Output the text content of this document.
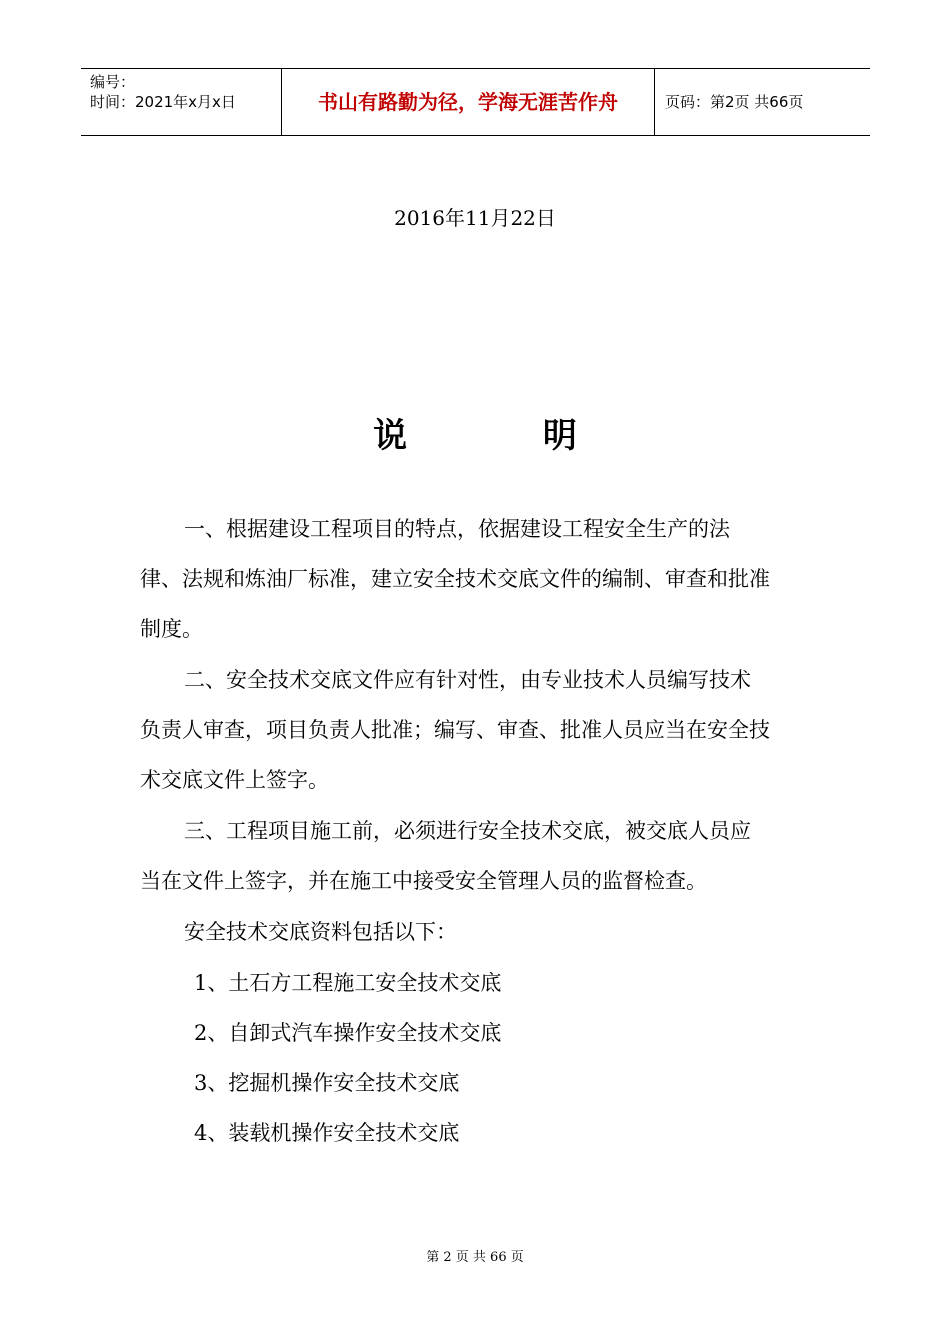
编号：
时间：2021年x月x日	书山有路勤为径，学海无涯苦作舟	页码：第2页 共66页
2016年11月22日
说 明

一、根据建设工程项目的特点，依据建设工程安全生产的法律、法规和炼油厂标准，建立安全技术交底文件的编制、审查和批准制度。

二、安全技术交底文件应有针对性，由专业技术人员编写技术负责人审查，项目负责人批准；编写、审查、批准人员应当在安全技术交底文件上签字。

三、工程项目施工前，必须进行安全技术交底，被交底人员应当在文件上签字，并在施工中接受安全管理人员的监督检查。

安全技术交底资料包括以下：

1、土石方工程施工安全技术交底

2、自卸式汽车操作安全技术交底

3、挖掘机操作安全技术交底

4、装载机操作安全技术交底

第 2 页 共 66 页
